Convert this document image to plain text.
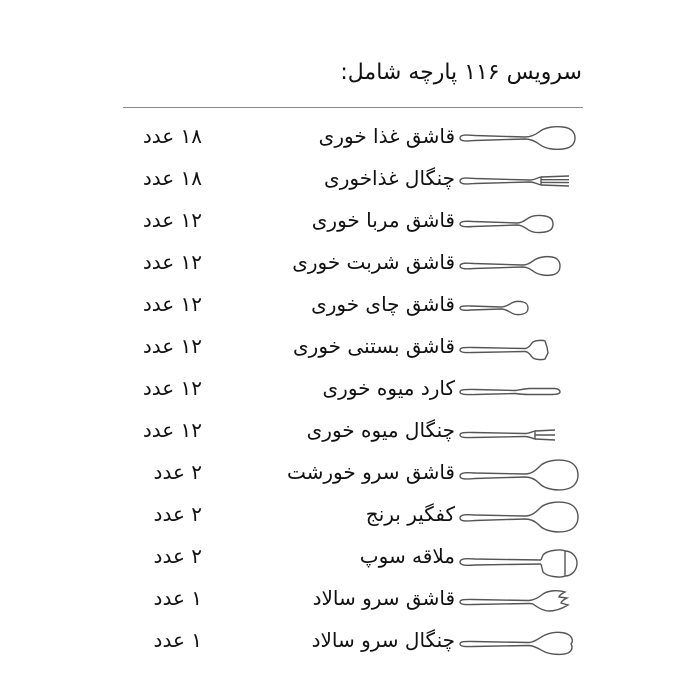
سرویس ۱۱۶ پارچه شامل:
قاشق غذا خوری
۱۸ عدد
چنگال غذاخوری
۱۸ عدد
قاشق مربا خوری
۱۲ عدد
قاشق شربت خوری
۱۲ عدد
قاشق چای خوری
۱۲ عدد
قاشق بستنی خوری
۱۲ عدد
کارد میوه خوری
۱۲ عدد
چنگال میوه خوری
۱۲ عدد
قاشق سرو خورشت
۲ عدد
کفگیر برنج
۲ عدد
ملاقه سوپ
۲ عدد
قاشق سرو سالاد
۱ عدد
چنگال سرو سالاد
۱ عدد
